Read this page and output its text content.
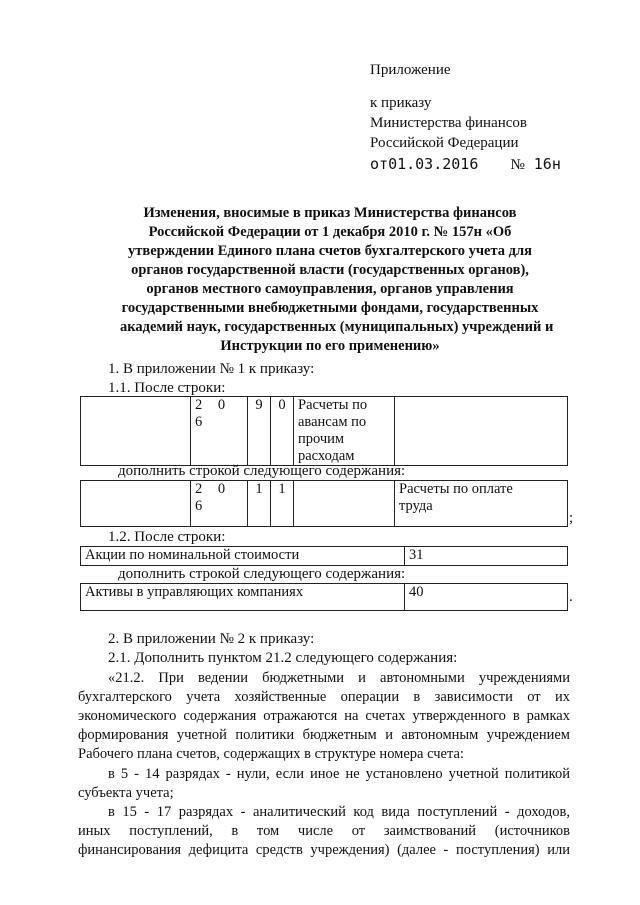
Приложение
к приказу
Министерства финансов
Российской Федерации
от01.03.2016 № 16н
Изменения, вносимые в приказ Министерства финансов
Российской Федерации от 1 декабря 2010 г. № 157н «Об
утверждении Единого плана счетов бухгалтерского учета для
органов государственной власти (государственных органов),
органов местного самоуправления, органов управления
государственными внебюджетными фондами, государственных
академий наук, государственных (муниципальных) учреждений и
Инструкции по его применению»
1. В приложении № 1 к приказу:
1.1. После строки:
	2 0 6	9	0	Расчеты по
авансам по
прочим
расходам

дополнить строкой следующего содержания:
	2 0 6	1	1		Расчеты по оплате
труда
;
1.2. После строки:
Акции по номинальной стоимости	31
дополнить строкой следующего содержания:
Активы в управляющих компаниях	40	.
2. В приложении № 2 к приказу:
2.1. Дополнить пунктом 21.2 следующего содержания:
«21.2. При ведении бюджетными и автономными учреждениями
бухгалтерского учета хозяйственные операции в зависимости от их
экономического содержания отражаются на счетах утвержденного в рамках
формирования учетной политики бюджетным и автономным учреждением
Рабочего плана счетов, содержащих в структуре номера счета:
в 5 - 14 разрядах - нули, если иное не установлено учетной политикой
субъекта учета;
в 15 - 17 разрядах - аналитический код вида поступлений - доходов,
иных поступлений, в том числе от заимствований (источников
финансирования дефицита средств учреждения) (далее - поступления) или
